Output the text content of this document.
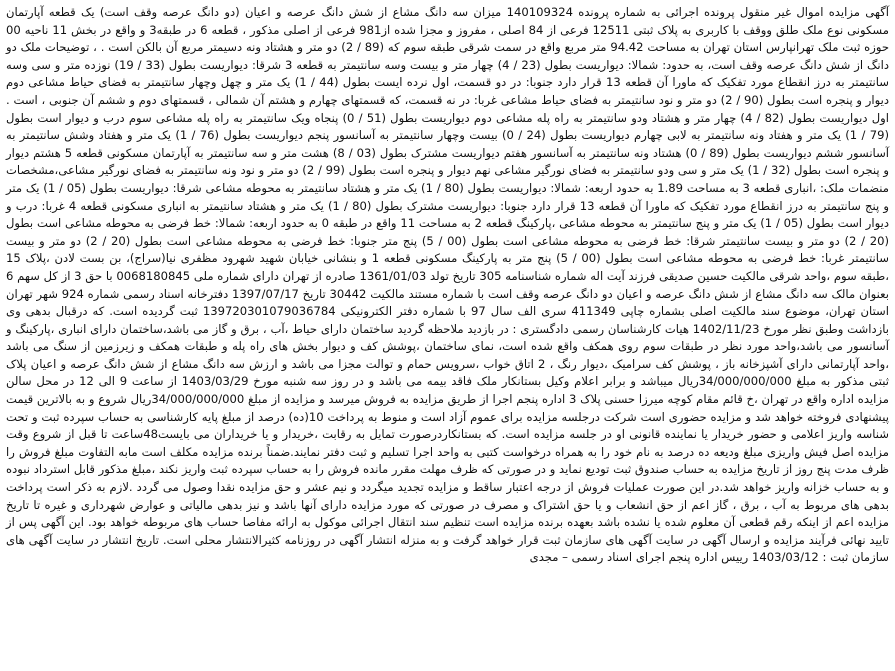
آگهی مزایده اموال غیر منقول پرونده اجرائی به شماره پرونده 140109324 میزان سه دانگ مشاع از شش دانگ عرصه و اعیان (دو دانگ عرصه وقف است) یک قطعه آپارتمان مسکونی نوع ملک طلق ووقف با کاربری به پلاک ثبتی 12511 فرعی از 84 اصلی ، مفروز و مجزا شده از981 فرعی از اصلی مذکور ، قطعه 6 در طبقه3 و واقع در بخش 11 ناحیه 00 حوزه ثبت ملک تهرانپارس استان تهران به مساحت 94.42 متر مربع واقع در سمت شرقی طبقه سوم که (89 / 2) دو متر و هشتاد ونه دسیمتر مربع آن بالکن است . ، توضیحات ملک دو دانگ از شش دانگ عرصه وقف است، به حدود: شمالا: دیواریست بطول (23 / 4) چهار متر و بیست وسه سانتیمتر به قطعه 3 شرقا: دیواریست بطول (33 / 19) نوزده متر و سی وسه سانتیمتر به درز انقطاع مورد تفکیک که ماورا آن قطعه 13 قرار دارد جنوبا: در دو قسمت، اول نرده ایست بطول (44 / 1) یک متر و چهل وچهار سانتیمتر به فضای حیاط مشاعی دوم دیوار و پنجره است بطول (90 / 2) دو متر و نود سانتیمتر به فضای حیاط مشاعی غربا: در نه قسمت، که قسمتهای چهارم و هشتم آن شمالی ، قسمتهای دوم و ششم آن جنوبی ، است . اول دیواریست بطول (82 / 4) چهار متر و هشتاد ودو سانتیمتر به راه پله مشاعی دوم دیواریست بطول (51 / 0) پنجاه ویک سانتیمتر به راه پله مشاعی سوم درب و دیوار است بطول (79 / 1) یک متر و هفتاد ونه سانتیمتر به لابی چهارم دیواریست بطول (24 / 0) بیست وچهار سانتیمتر به آسانسور پنجم دیواریست بطول (76 / 1) یک متر و هفتاد وشش سانتیمتر به آسانسور ششم دیواریست بطول (89 / 0) هشتاد ونه سانتیمتر به آسانسور هفتم دیواریست مشترک بطول (03 / 8) هشت متر و سه سانتیمتر به آپارتمان مسکونی قطعه 5 هشتم دیوار و پنجره است بطول (32 / 1) یک متر و سی ودو سانتیمتر به فضای نورگیر مشاعی نهم دیوار و پنجره است بطول (99 / 2) دو متر و نود ونه سانتیمتر به فضای نورگیر مشاعی،مشخصات منضمات ملک: ،انباری قطعه 3 به مساحت 1.89 به حدود اربعه: شمالا: دیواریست بطول (80 / 1) یک متر و هشتاد سانتیمتر به محوطه مشاعی شرقا: دیواریست بطول (05 / 1) یک متر و پنج سانتیمتر به درز انقطاع مورد تفکیک که ماورا آن قطعه 13 قرار دارد جنوبا: دیواریست مشترک بطول (80 / 1) یک متر و هشتاد سانتیمتر به انباری مسکونی قطعه 4 غربا: درب و دیوار است بطول (05 / 1) یک متر و پنج سانتیمتر به محوطه مشاعی ،پارکینگ قطعه 2 به مساحت 11 واقع در طبقه 0 به حدود اربعه: شمالا: خط فرضی به محوطه مشاعی است بطول (20 / 2) دو متر و بیست سانتیمتر شرقا: خط فرضی به محوطه مشاعی است بطول (00 / 5) پنج متر جنوبا: خط فرضی به محوطه مشاعی است بطول (20 / 2) دو متر و بیست سانتیمتر غربا: خط فرضی به محوطه مشاعی است بطول (00 / 5) پنج متر به پارکینگ مسکونی قطعه 1 و بنشانی خیابان شهید شهرود مظفری نیا(سراج)، بن بست لادن ،پلاک 15 ،طبقه سوم ،واحد شرقی مالکیت حسین صدیقی فرزند آیت اله شماره شناسنامه 305 تاریخ تولد 1361/01/03 صادره از تهران دارای شماره ملی 0068180845 با حق 3 از کل سهم 6 بعنوان مالک سه دانگ مشاع از شش دانگ عرصه و اعیان دو دانگ عرصه وقف است با شماره مستند مالکیت 30442 تاریخ 1397/07/17 دفترخانه اسناد رسمی شماره 924 شهر تهران استان تهران، موضوع سند مالکیت اصلی بشماره چاپی 411349 سری الف سال 97 با شماره دفتر الکترونیکی 139720301079036784 ثبت گردیده است. که درقبال بدهی وی بازداشت وطبق نظر مورخ 1402/11/23 هیات کارشناسان رسمی دادگستری : در بازدید ملاحظه گردید ساختمان دارای حیاط ،آب ، برق و گاز می باشد،ساختمان دارای انباری ،پارکینگ و آسانسور می باشد،واحد مورد نظر در طبقات سوم روی همکف واقع شده است، نمای ساختمان ،پوشش کف و دیوار بخش های راه پله و طبقات همکف و زیرزمین از سنگ می باشد ،واحد آپارتمانی دارای آشپزخانه باز ، پوشش کف سرامیک ،دیوار رنگ ، 2 اتاق خواب ،سرویس حمام و توالت مجزا می باشد و ارزش سه دانگ مشاع از شش دانگ عرصه و اعیان پلاک ثبتی مذکور به مبلغ 34/000/000/000ریال میباشد و برابر اعلام وکیل بستانکار ملک فاقد بیمه می باشد و در روز سه شنبه مورخ 1403/03/29 از ساعت 9 الی 12 در محل سالن مزایده اداره واقع در تهران ،خ قائم مقام کوچه میرزا حسنی پلاک 3 اداره پنجم اجرا از طریق مزایده به فروش میرسد و مزایده از مبلغ 34/000/000/000ریال شروع و به بالاترین قیمت پیشنهادی فروخته خواهد شد و مزایده حضوری است شرکت درجلسه مزایده برای عموم آزاد است و منوط به پرداخت 10(ده) درصد از مبلغ پایه کارشناسی به حساب سپرده ثبت و تحت شناسه واریز اعلامی و حضور خریدار یا نماینده قانونی او در جلسه مزایده است. که بستانکاردرصورت تمایل به رقابت ،خریدار و یا خریداران می بایست48ساعت تا قبل از شروع وقت مزایده اصل فیش واریزی مبلغ ودیعه ده درصد به نام خود را به همراه درخواست کتبی به واحد اجرا تسلیم و ثبت دفتر نمایند.ضمناً برنده مزایده مکلف است مابه التفاوت مبلغ فروش را ظرف مدت پنج روز از تاریخ مزایده به حساب صندوق ثبت تودیع نماید و در صورتی که ظرف مهلت مقرر مانده فروش را به حساب سپرده ثبت واریز نکند ،مبلغ مذکور قابل استرداد نبوده و به حساب خزانه واریز خواهد شد.در این صورت عملیات فروش از درجه اعتبار ساقط و مزایده تجدید میگردد و نیم عشر و حق مزایده نقدا وصول می گردد .لازم به ذکر است پرداخت بدهی های مربوط به آب ، برق ، گاز اعم از حق انشعاب و یا حق اشتراک و مصرف در صورتی که مورد مزایده دارای آنها باشد و نیز بدهی مالیاتی و عوارض شهرداری و غیره تا تاریخ مزایده اعم از اینکه رقم قطعی آن معلوم شده یا نشده باشد بعهده برنده مزایده است تنظیم سند انتقال اجرائی موکول به ارائه مفاصا حساب های مربوطه خواهد بود. این آگهی پس از تایید نهائی فرآیند مزایده و ارسال آگهی در سایت آگهی های سازمان ثبت قرار خواهد گرفت و به منزله انتشار آگهی در روزنامه کثیرالانتشار محلی است. تاریخ انتشار در سایت آگهی های سازمان ثبت : 1403/03/12 رییس اداره پنجم اجرای اسناد رسمی – مجدی
